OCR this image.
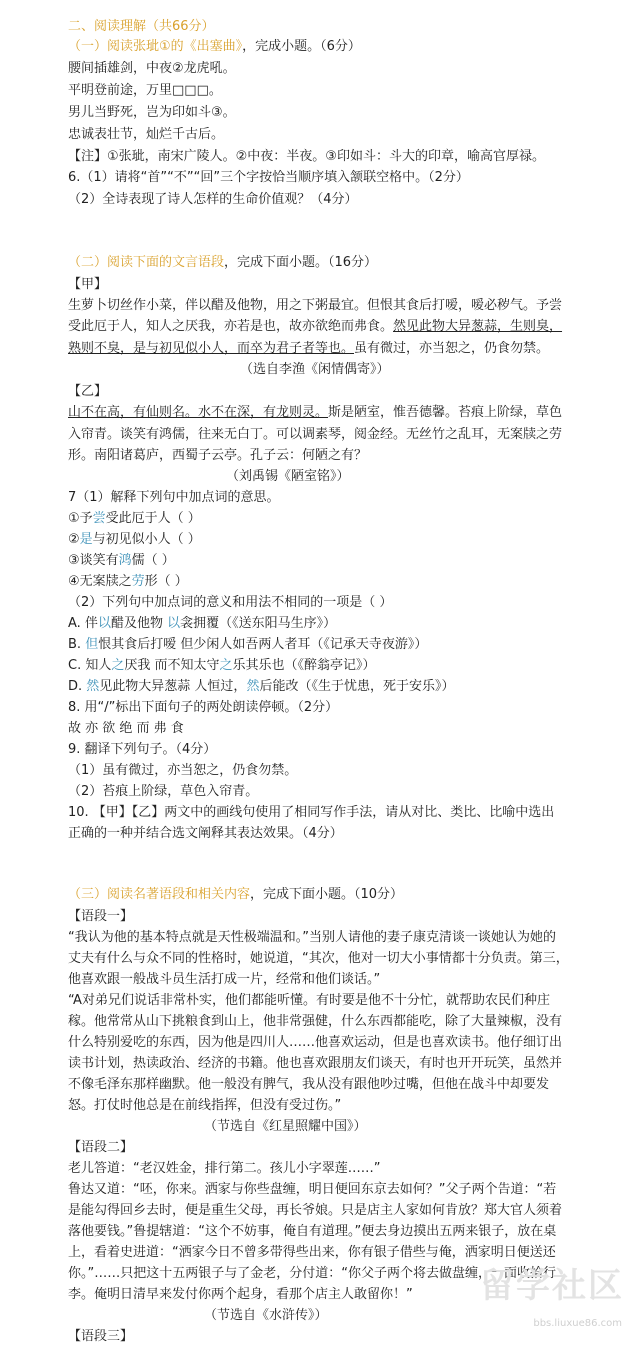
二、阅读理解（共66分）
（一）阅读张玼①的《出塞曲》，完成小题。（6分）
腰间插雄剑，中夜②龙虎吼。
平明登前途，万里□□□。
男儿当野死，岂为印如斗③。
忠诚表壮节，灿烂千古后。
【注】①张玼，南宋广陵人。②中夜：半夜。③印如斗：斗大的印章，喻高官厚禄。
6.（1）请将“首”“不”“回”三个字按恰当顺序填入颔联空格中。（2分）
（2）全诗表现了诗人怎样的生命价值观？（4分）
（二）阅读下面的文言语段，完成下面小题。（16分）
【甲】
生萝卜切丝作小菜，伴以醋及他物，用之下粥最宜。但恨其食后打嗳，嗳必秽气。予尝
受此厄于人，知人之厌我，亦若是也，故亦欲绝而弗食。然见此物大异葱蒜，生则臭，
熟则不臭，是与初见似小人，而卒为君子者等也。虽有微过，亦当恕之，仍食勿禁。
（选自李渔《闲情偶寄》）
【乙】
山不在高，有仙则名。水不在深，有龙则灵。斯是陋室，惟吾德馨。苔痕上阶绿，草色
入帘青。谈笑有鸿儒，往来无白丁。可以调素琴，阅金经。无丝竹之乱耳，无案牍之劳
形。南阳诸葛庐，西蜀子云亭。孔子云：何陋之有？
（刘禹锡《陋室铭》）
7（1）解释下列句中加点词的意思。
①予尝受此厄于人（ ）
②是与初见似小人（ ）
③谈笑有鸿儒（ ）
④无案牍之劳形（ ）
（2）下列句中加点词的意义和用法不相同的一项是（ ）
A. 伴以醋及他物 以衾拥覆（《送东阳马生序》）
B. 但恨其食后打嗳 但少闲人如吾两人者耳（《记承天寺夜游》）
C. 知人之厌我 而不知太守之乐其乐也（《醉翁亭记》）
D. 然见此物大异葱蒜 人恒过，然后能改（《生于忧患，死于安乐》）
8. 用“/”标出下面句子的两处朗读停顿。（2分）
故 亦 欲 绝 而 弗 食
9. 翻译下列句子。（4分）
（1）虽有微过，亦当恕之，仍食勿禁。
（2）苔痕上阶绿，草色入帘青。
10. 【甲】【乙】两文中的画线句使用了相同写作手法，请从对比、类比、比喻中选出
正确的一种并结合选文阐释其表达效果。（4分）
（三）阅读名著语段和相关内容，完成下面小题。（10分）
【语段一】
“我认为他的基本特点就是天性极端温和。”当别人请他的妻子康克清谈一谈她认为她的
丈夫有什么与众不同的性格时，她说道，“其次，他对一切大小事情都十分负责。第三，
他喜欢跟一般战斗员生活打成一片，经常和他们谈话。”
“A对弟兄们说话非常朴实，他们都能听懂。有时要是他不十分忙，就帮助农民们种庄
稼。他常常从山下挑粮食到山上，他非常强健，什么东西都能吃，除了大量辣椒，没有
什么特别爱吃的东西，因为他是四川人……他喜欢运动，但是也喜欢读书。他仔细订出
读书计划，热读政治、经济的书籍。他也喜欢跟朋友们谈天，有时也开开玩笑，虽然并
不像毛泽东那样幽默。他一般没有脾气，我从没有跟他吵过嘴，但他在战斗中却要发
怒。打仗时他总是在前线指挥，但没有受过伤。”
（节选自《红星照耀中国》）
【语段二】
老儿答道：“老汉姓金，排行第二。孩儿小字翠莲……”
鲁达又道：“呸，你来。洒家与你些盘缠，明日便回东京去如何？”父子两个告道：“若
是能勾得回乡去时，便是重生父母，再长爷娘。只是店主人家如何肯放？郑大官人须着
落他要钱。”鲁提辖道：“这个不妨事，俺自有道理。”便去身边摸出五两来银子，放在桌
上，看着史进道：“洒家今日不曾多带得些出来，你有银子借些与俺，洒家明日便送还
你。”……只把这十五两银子与了金老，分付道：“你父子两个将去做盘缠，一面收拾行
李。俺明日清早来发付你两个起身，看那个店主人敢留你！”
（节选自《水浒传》）
【语段三】
留学社区
bbs.liuxue86.com
